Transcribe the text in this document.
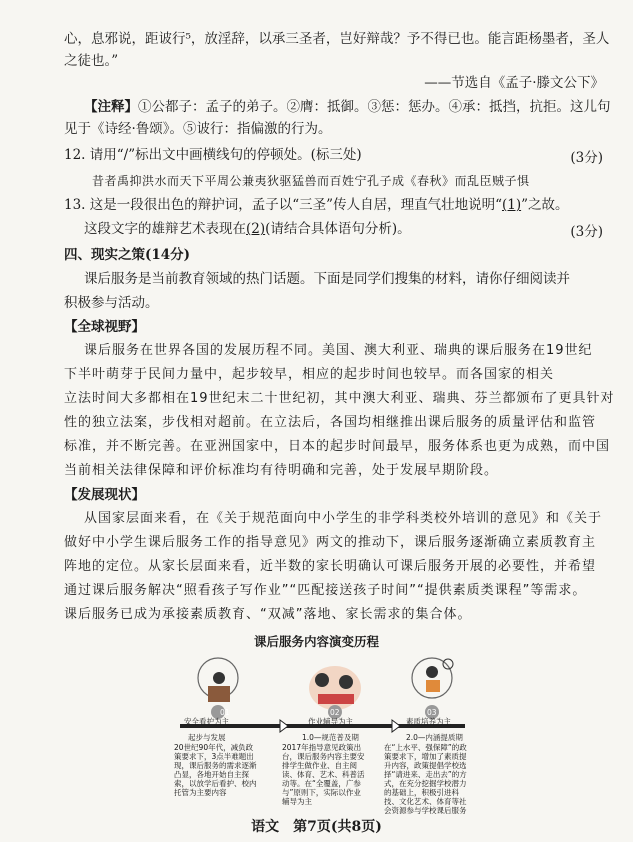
心，息邪说，距诐行⁵，放淫辞，以承三圣者，岂好辩哉？予不得已也。能言距杨墨者，圣人
之徒也。”
——节选自《孟子·滕文公下》
【注释】①公都子：孟子的弟子。②膺：抵御。③惩：惩办。④承：抵挡，抗拒。这儿句
见于《诗经·鲁颂》。⑤诐行：指偏激的行为。
12. 请用“/”标出文中画横线句的停顿处。(标三处)	(3分)
昔者禹抑洪水而天下平周公兼夷狄驱猛兽而百姓宁孔子成《春秋》而乱臣贼子惧
13. 这是一段很出色的辩护词，孟子以“三圣”传人自居，理直气壮地说明“(1)”之故。
这段文字的雄辩艺术表现在(2)(请结合具体语句分析)。	(3分)
四、现实之策(14分)
课后服务是当前教育领域的热门话题。下面是同学们搜集的材料，请你仔细阅读并
积极参与活动。
【全球视野】
课后服务在世界各国的发展历程不同。美国、澳大利亚、瑞典的课后服务在19世纪
下半叶萌芽于民间力量中，起步较早，相应的起步时间也较早。而各国家的相关
立法时间大多都相在19世纪末二十世纪初，其中澳大利亚、瑞典、芬兰都颁布了更具针对
性的独立法案，步伐相对超前。在立法后，各国均相继推出课后服务的质量评估和监管
标准，并不断完善。在亚洲国家中，日本的起步时间最早，服务体系也更为成熟，而中国
当前相关法律保障和评价标准均有待明确和完善，处于发展早期阶段。
【发展现状】
从国家层面来看，在《关于规范面向中小学生的非学科类校外培训的意见》和《关于
做好中小学生课后服务工作的指导意见》两文的推动下，课后服务逐渐确立素质教育主
阵地的定位。从家长层面来看，近半数的家长明确认可课后服务开展的必要性，并希望
通过课后服务解决“照看孩子写作业”“匹配接送孩子时间”“提供素质类课程”等需求。
课后服务已成为承接素质教育、“双减”落地、家长需求的集合体。
课后服务内容演变历程
01	02	03
安全看护为主	作业辅导为主	素质培养为主
起步与发展	1.0—规范普及期	2.0—内涵提质期
20世纪90年代，减负政策要求下，3点半难题出现，课后服务的需求逐渐凸显，各地开始自主探索，以放学后看护、校内托管为主要内容
2017年指导意见政策出台，课后服务内容主要安排学生做作业、自主阅读、体育、艺术、科普活动等。在“全覆盖，广参与”原则下，实际以作业辅导为主
在“上水平、强保障”的政策要求下，增加了素质提升内容，政策提倡学校选择“请进来、走出去”的方式，在充分挖掘学校潜力的基础上，积极引进科技、文化艺术、体育等社会资源参与学校课后服务
语文　第7页(共8页)
